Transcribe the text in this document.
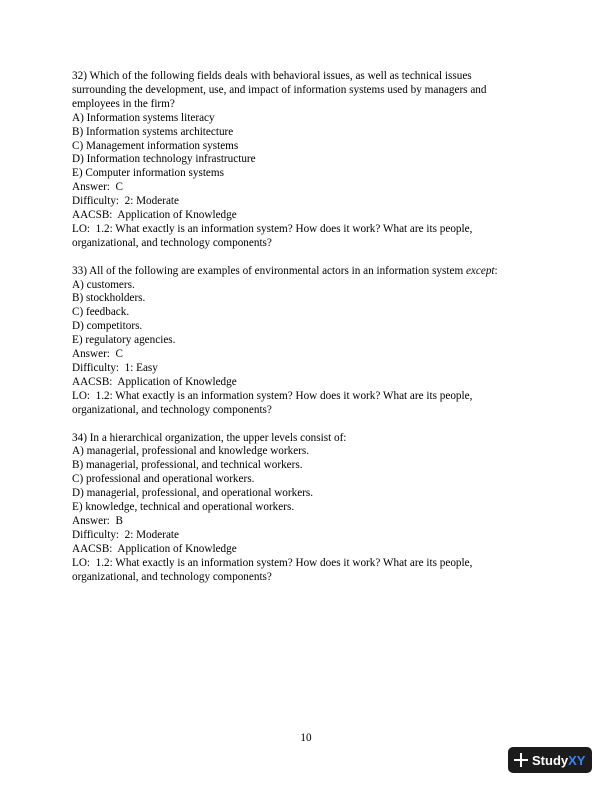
32) Which of the following fields deals with behavioral issues, as well as technical issues
surrounding the development, use, and impact of information systems used by managers and
employees in the firm?
A) Information systems literacy
B) Information systems architecture
C) Management information systems
D) Information technology infrastructure
E) Computer information systems
Answer:  C
Difficulty:  2: Moderate
AACSB:  Application of Knowledge
LO:  1.2: What exactly is an information system? How does it work? What are its people,
organizational, and technology components?
33) All of the following are examples of environmental actors in an information system except:
A) customers.
B) stockholders.
C) feedback.
D) competitors.
E) regulatory agencies.
Answer:  C
Difficulty:  1: Easy
AACSB:  Application of Knowledge
LO:  1.2: What exactly is an information system? How does it work? What are its people,
organizational, and technology components?
34) In a hierarchical organization, the upper levels consist of:
A) managerial, professional and knowledge workers.
B) managerial, professional, and technical workers.
C) professional and operational workers.
D) managerial, professional, and operational workers.
E) knowledge, technical and operational workers.
Answer:  B
Difficulty:  2: Moderate
AACSB:  Application of Knowledge
LO:  1.2: What exactly is an information system? How does it work? What are its people,
organizational, and technology components?
10
Study XY
